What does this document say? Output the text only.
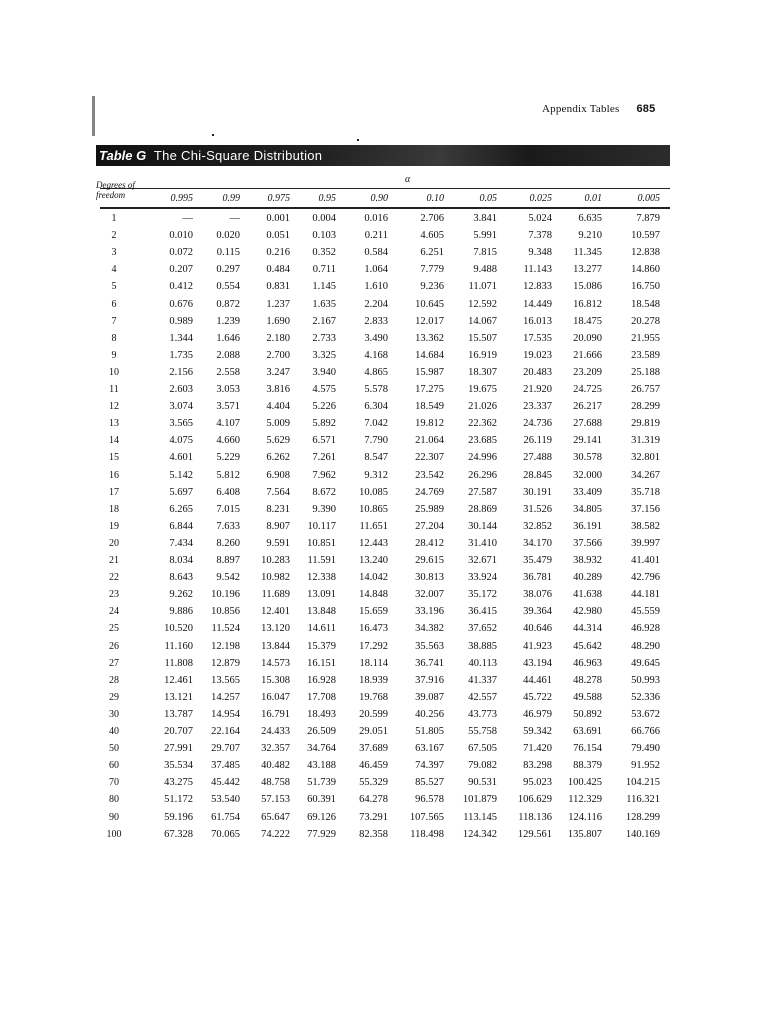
Appendix Tables 685
Table G The Chi-Square Distribution
α
Degrees of
freedom	0.995	0.99	0.975	0.95	0.90	0.10	0.05	0.025	0.01	0.005
1	—	—	0.001	0.004	0.016	2.706	3.841	5.024	6.635	7.879
2	0.010	0.020	0.051	0.103	0.211	4.605	5.991	7.378	9.210	10.597
3	0.072	0.115	0.216	0.352	0.584	6.251	7.815	9.348	11.345	12.838
4	0.207	0.297	0.484	0.711	1.064	7.779	9.488	11.143	13.277	14.860
5	0.412	0.554	0.831	1.145	1.610	9.236	11.071	12.833	15.086	16.750
6	0.676	0.872	1.237	1.635	2.204	10.645	12.592	14.449	16.812	18.548
7	0.989	1.239	1.690	2.167	2.833	12.017	14.067	16.013	18.475	20.278
8	1.344	1.646	2.180	2.733	3.490	13.362	15.507	17.535	20.090	21.955
9	1.735	2.088	2.700	3.325	4.168	14.684	16.919	19.023	21.666	23.589
10	2.156	2.558	3.247	3.940	4.865	15.987	18.307	20.483	23.209	25.188
11	2.603	3.053	3.816	4.575	5.578	17.275	19.675	21.920	24.725	26.757
12	3.074	3.571	4.404	5.226	6.304	18.549	21.026	23.337	26.217	28.299
13	3.565	4.107	5.009	5.892	7.042	19.812	22.362	24.736	27.688	29.819
14	4.075	4.660	5.629	6.571	7.790	21.064	23.685	26.119	29.141	31.319
15	4.601	5.229	6.262	7.261	8.547	22.307	24.996	27.488	30.578	32.801
16	5.142	5.812	6.908	7.962	9.312	23.542	26.296	28.845	32.000	34.267
17	5.697	6.408	7.564	8.672	10.085	24.769	27.587	30.191	33.409	35.718
18	6.265	7.015	8.231	9.390	10.865	25.989	28.869	31.526	34.805	37.156
19	6.844	7.633	8.907	10.117	11.651	27.204	30.144	32.852	36.191	38.582
20	7.434	8.260	9.591	10.851	12.443	28.412	31.410	34.170	37.566	39.997
21	8.034	8.897	10.283	11.591	13.240	29.615	32.671	35.479	38.932	41.401
22	8.643	9.542	10.982	12.338	14.042	30.813	33.924	36.781	40.289	42.796
23	9.262	10.196	11.689	13.091	14.848	32.007	35.172	38.076	41.638	44.181
24	9.886	10.856	12.401	13.848	15.659	33.196	36.415	39.364	42.980	45.559
25	10.520	11.524	13.120	14.611	16.473	34.382	37.652	40.646	44.314	46.928
26	11.160	12.198	13.844	15.379	17.292	35.563	38.885	41.923	45.642	48.290
27	11.808	12.879	14.573	16.151	18.114	36.741	40.113	43.194	46.963	49.645
28	12.461	13.565	15.308	16.928	18.939	37.916	41.337	44.461	48.278	50.993
29	13.121	14.257	16.047	17.708	19.768	39.087	42.557	45.722	49.588	52.336
30	13.787	14.954	16.791	18.493	20.599	40.256	43.773	46.979	50.892	53.672
40	20.707	22.164	24.433	26.509	29.051	51.805	55.758	59.342	63.691	66.766
50	27.991	29.707	32.357	34.764	37.689	63.167	67.505	71.420	76.154	79.490
60	35.534	37.485	40.482	43.188	46.459	74.397	79.082	83.298	88.379	91.952
70	43.275	45.442	48.758	51.739	55.329	85.527	90.531	95.023	100.425	104.215
80	51.172	53.540	57.153	60.391	64.278	96.578	101.879	106.629	112.329	116.321
90	59.196	61.754	65.647	69.126	73.291	107.565	113.145	118.136	124.116	128.299
100	67.328	70.065	74.222	77.929	82.358	118.498	124.342	129.561	135.807	140.169
